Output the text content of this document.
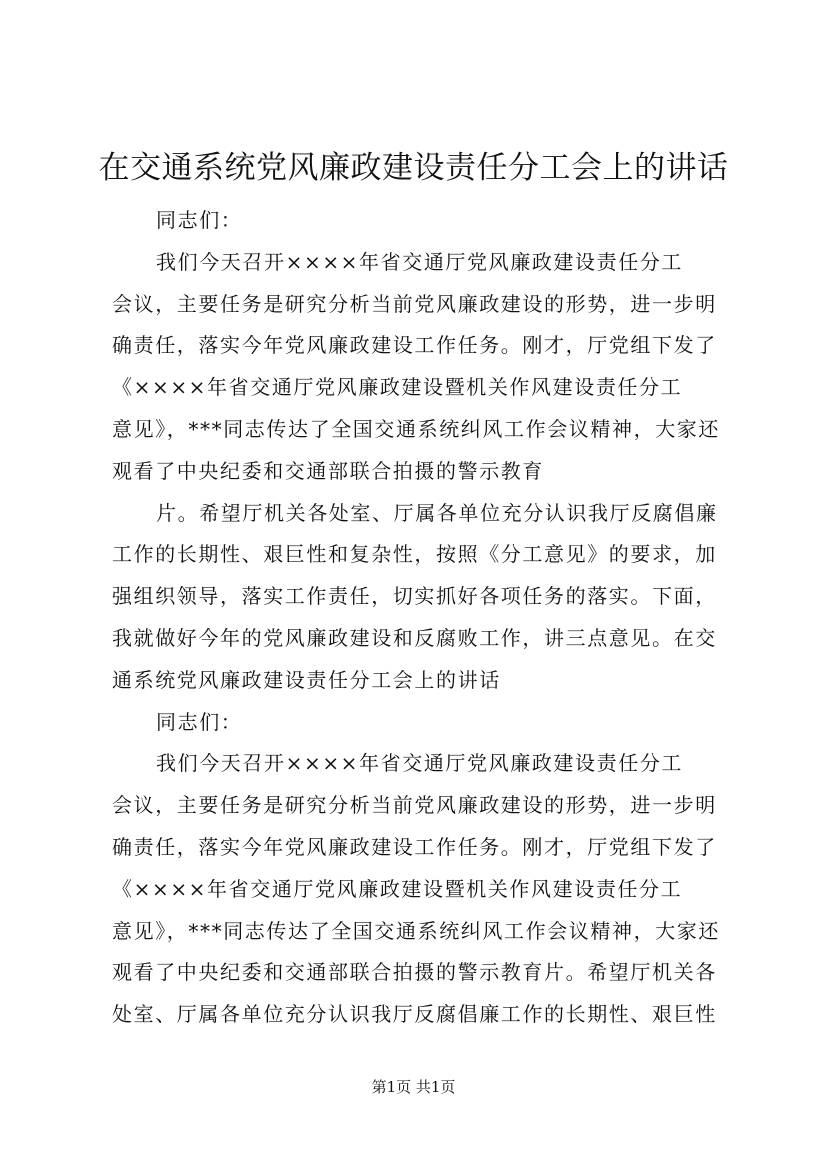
在交通系统党风廉政建设责任分工会上的讲话
同志们：
我们今天召开××××年省交通厅党风廉政建设责任分工
会议，主要任务是研究分析当前党风廉政建设的形势，进一步明
确责任，落实今年党风廉政建设工作任务。刚才，厅党组下发了
《××××年省交通厅党风廉政建设暨机关作风建设责任分工
意见》，***同志传达了全国交通系统纠风工作会议精神，大家还
观看了中央纪委和交通部联合拍摄的警示教育
片。希望厅机关各处室、厅属各单位充分认识我厅反腐倡廉
工作的长期性、艰巨性和复杂性，按照《分工意见》的要求，加
强组织领导，落实工作责任，切实抓好各项任务的落实。下面，
我就做好今年的党风廉政建设和反腐败工作，讲三点意见。在交
通系统党风廉政建设责任分工会上的讲话
同志们：
我们今天召开××××年省交通厅党风廉政建设责任分工
会议，主要任务是研究分析当前党风廉政建设的形势，进一步明
确责任，落实今年党风廉政建设工作任务。刚才，厅党组下发了
《××××年省交通厅党风廉政建设暨机关作风建设责任分工
意见》，***同志传达了全国交通系统纠风工作会议精神，大家还
观看了中央纪委和交通部联合拍摄的警示教育片。希望厅机关各
处室、厅属各单位充分认识我厅反腐倡廉工作的长期性、艰巨性
第1页 共1页
